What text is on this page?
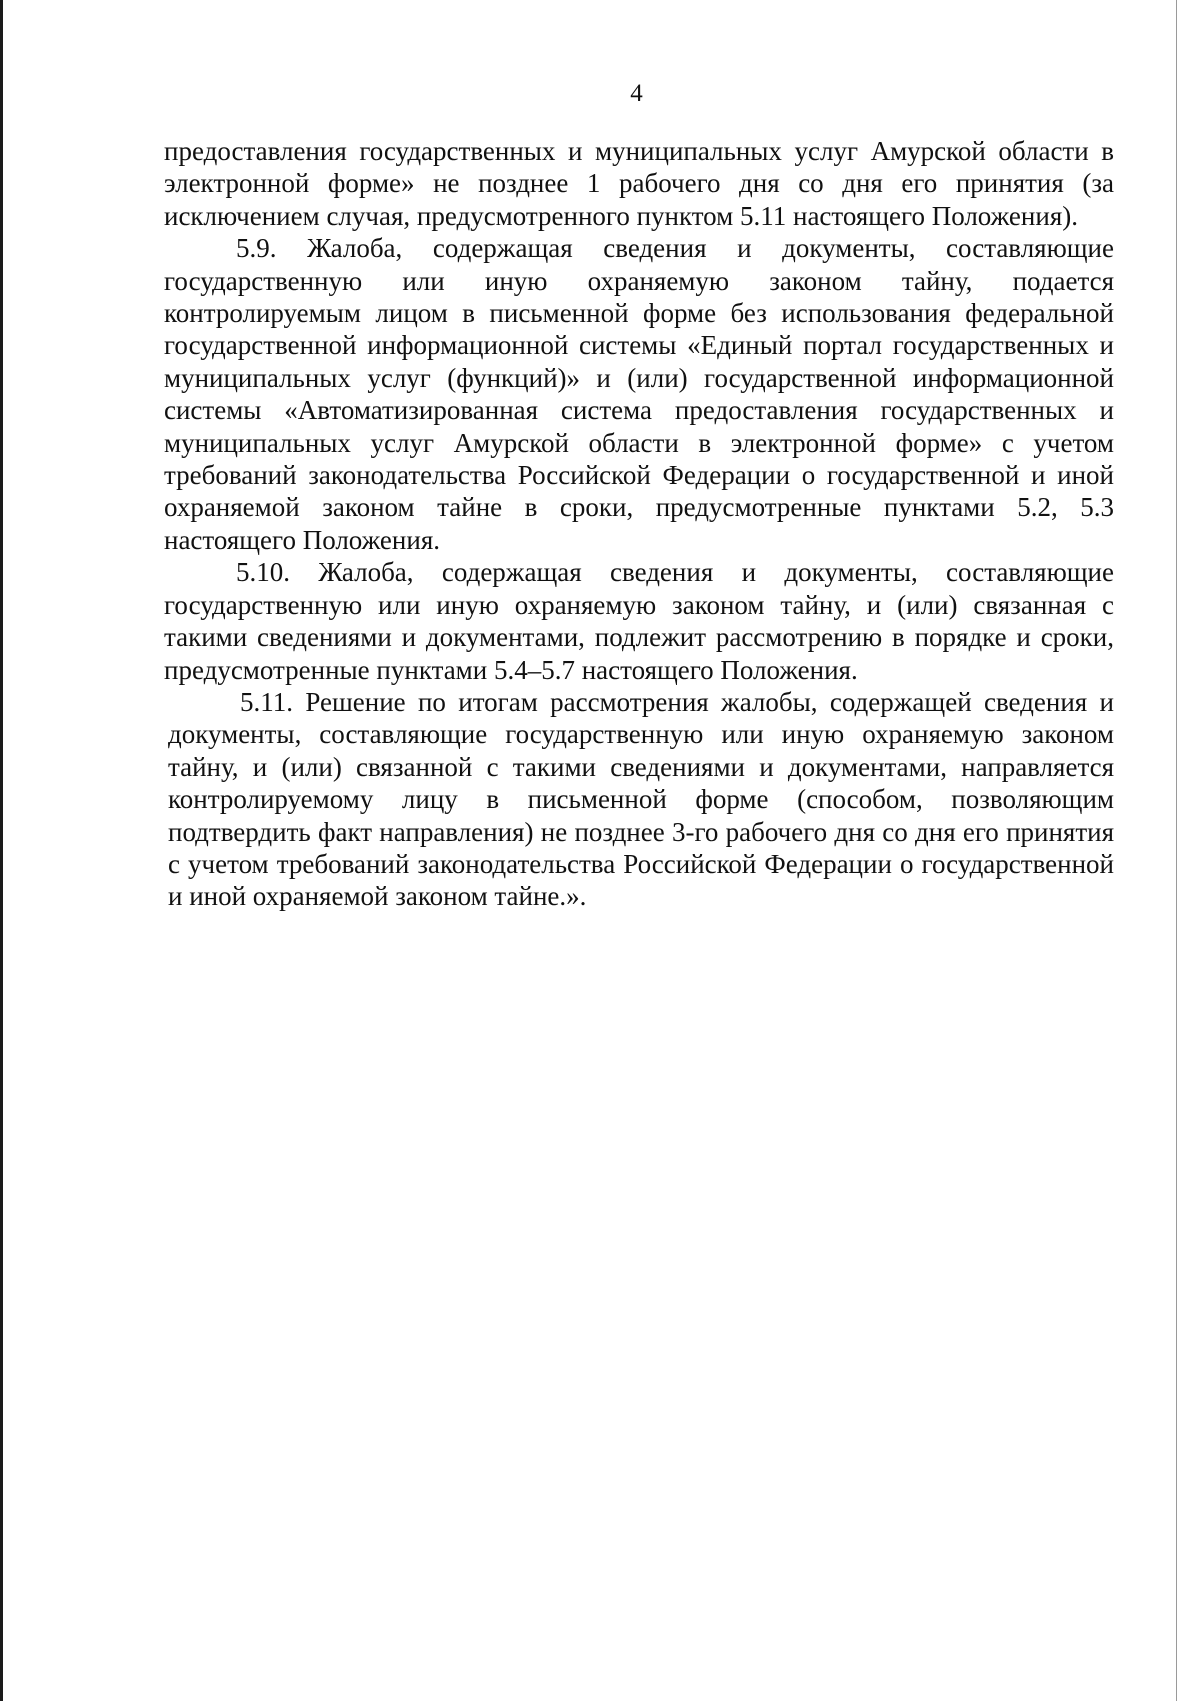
4

предоставления государственных и муниципальных услуг Амурской области в электронной форме» не позднее 1 рабочего дня со дня его принятия (за исключением случая, предусмотренного пунктом 5.11 настоящего Положения).

5.9. Жалоба, содержащая сведения и документы, составляющие государственную или иную охраняемую законом тайну, подается контролируемым лицом в письменной форме без использования федеральной государственной информационной системы «Единый портал государственных и муниципальных услуг (функций)» и (или) государственной информационной системы «Автоматизированная система предоставления государственных и муниципальных услуг Амурской области в электронной форме» с учетом требований законодательства Российской Федерации о государственной и иной охраняемой законом тайне в сроки, предусмотренные пунктами 5.2, 5.3 настоящего Положения.

5.10. Жалоба, содержащая сведения и документы, составляющие государственную или иную охраняемую законом тайну, и (или) связанная с такими сведениями и документами, подлежит рассмотрению в порядке и сроки, предусмотренные пунктами 5.4–5.7 настоящего Положения.

5.11. Решение по итогам рассмотрения жалобы, содержащей сведения и документы, составляющие государственную или иную охраняемую законом тайну, и (или) связанной с такими сведениями и документами, направляется контролируемому лицу в письменной форме (способом, позволяющим подтвердить факт направления) не позднее 3-го рабочего дня со дня его принятия с учетом требований законодательства Российской Федерации о государственной и иной охраняемой законом тайне.».
